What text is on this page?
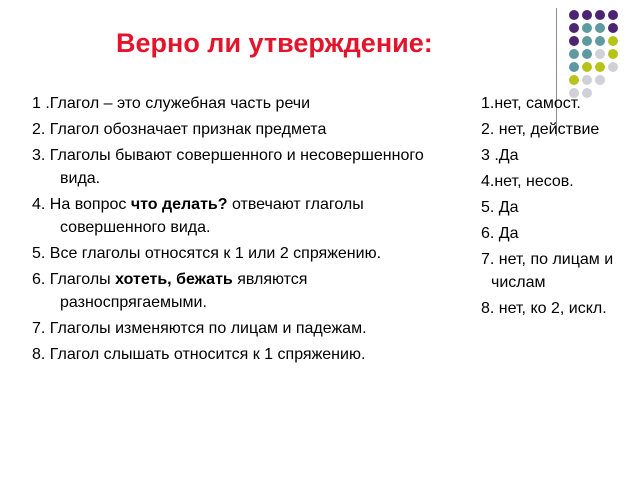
Верно ли утверждение:
1 .Глагол – это служебная часть речи
2. Глагол обозначает признак предмета
3. Глаголы бывают совершенного и несовершенного вида.
4. На вопрос что делать? отвечают глаголы совершенного вида.
5. Все глаголы относятся к 1 или 2 спряжению.
6. Глаголы хотеть, бежать являются разноспрягаемыми.
7. Глаголы изменяются по лицам и падежам.
8. Глагол слышать относится к 1 спряжению.
1.нет, самост.
2. нет, действие
3 .Да
4.нет, несов.
5. Да
6. Да
7. нет, по лицам и числам
8. нет, ко 2, искл.
